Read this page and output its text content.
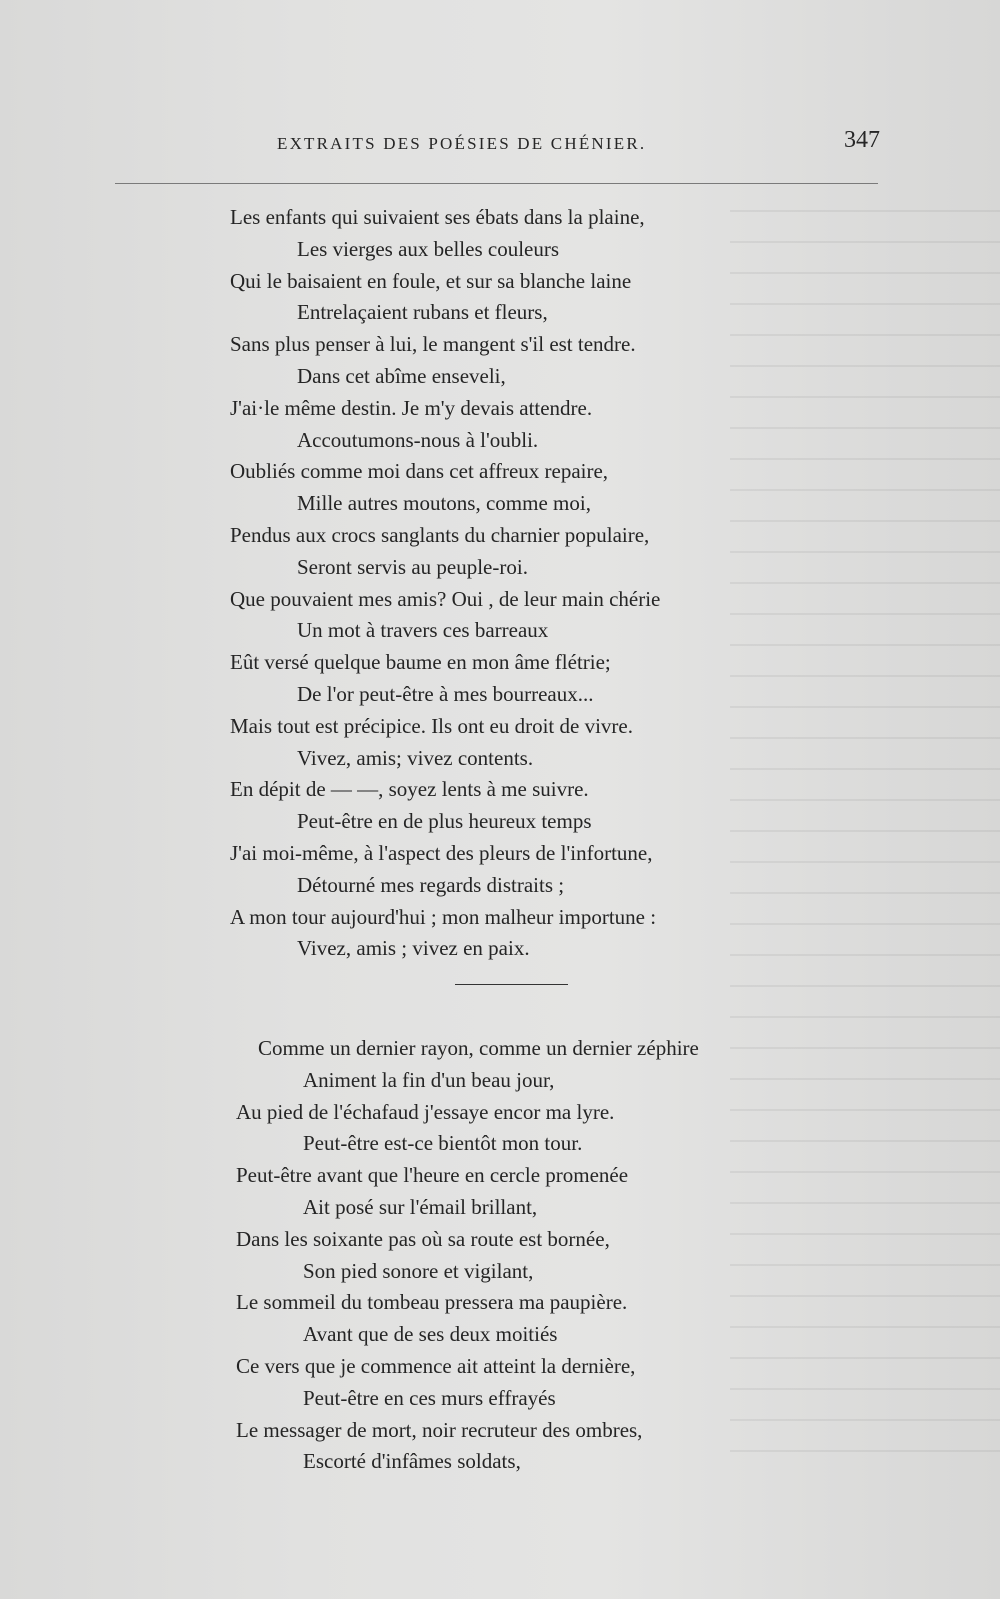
EXTRAITS DES POÉSIES DE CHÉNIER.	347
Les enfants qui suivaient ses ébats dans la plaine,
Les vierges aux belles couleurs
Qui le baisaient en foule, et sur sa blanche laine
Entrelaçaient rubans et fleurs,
Sans plus penser à lui, le mangent s'il est tendre.
Dans cet abîme enseveli,
J'ai·le même destin. Je m'y devais attendre.
Accoutumons-nous à l'oubli.
Oubliés comme moi dans cet affreux repaire,
Mille autres moutons, comme moi,
Pendus aux crocs sanglants du charnier populaire,
Seront servis au peuple-roi.
Que pouvaient mes amis? Oui , de leur main chérie
Un mot à travers ces barreaux
Eût versé quelque baume en mon âme flétrie;
De l'or peut-être à mes bourreaux...
Mais tout est précipice. Ils ont eu droit de vivre.
Vivez, amis; vivez contents.
En dépit de — —, soyez lents à me suivre.
Peut-être en de plus heureux temps
J'ai moi-même, à l'aspect des pleurs de l'infortune,
Détourné mes regards distraits ;
A mon tour aujourd'hui ; mon malheur importune :
Vivez, amis ; vivez en paix.
Comme un dernier rayon, comme un dernier zéphire
Animent la fin d'un beau jour,
Au pied de l'échafaud j'essaye encor ma lyre.
Peut-être est-ce bientôt mon tour.
Peut-être avant que l'heure en cercle promenée
Ait posé sur l'émail brillant,
Dans les soixante pas où sa route est bornée,
Son pied sonore et vigilant,
Le sommeil du tombeau pressera ma paupière.
Avant que de ses deux moitiés
Ce vers que je commence ait atteint la dernière,
Peut-être en ces murs effrayés
Le messager de mort, noir recruteur des ombres,
Escorté d'infâmes soldats,
